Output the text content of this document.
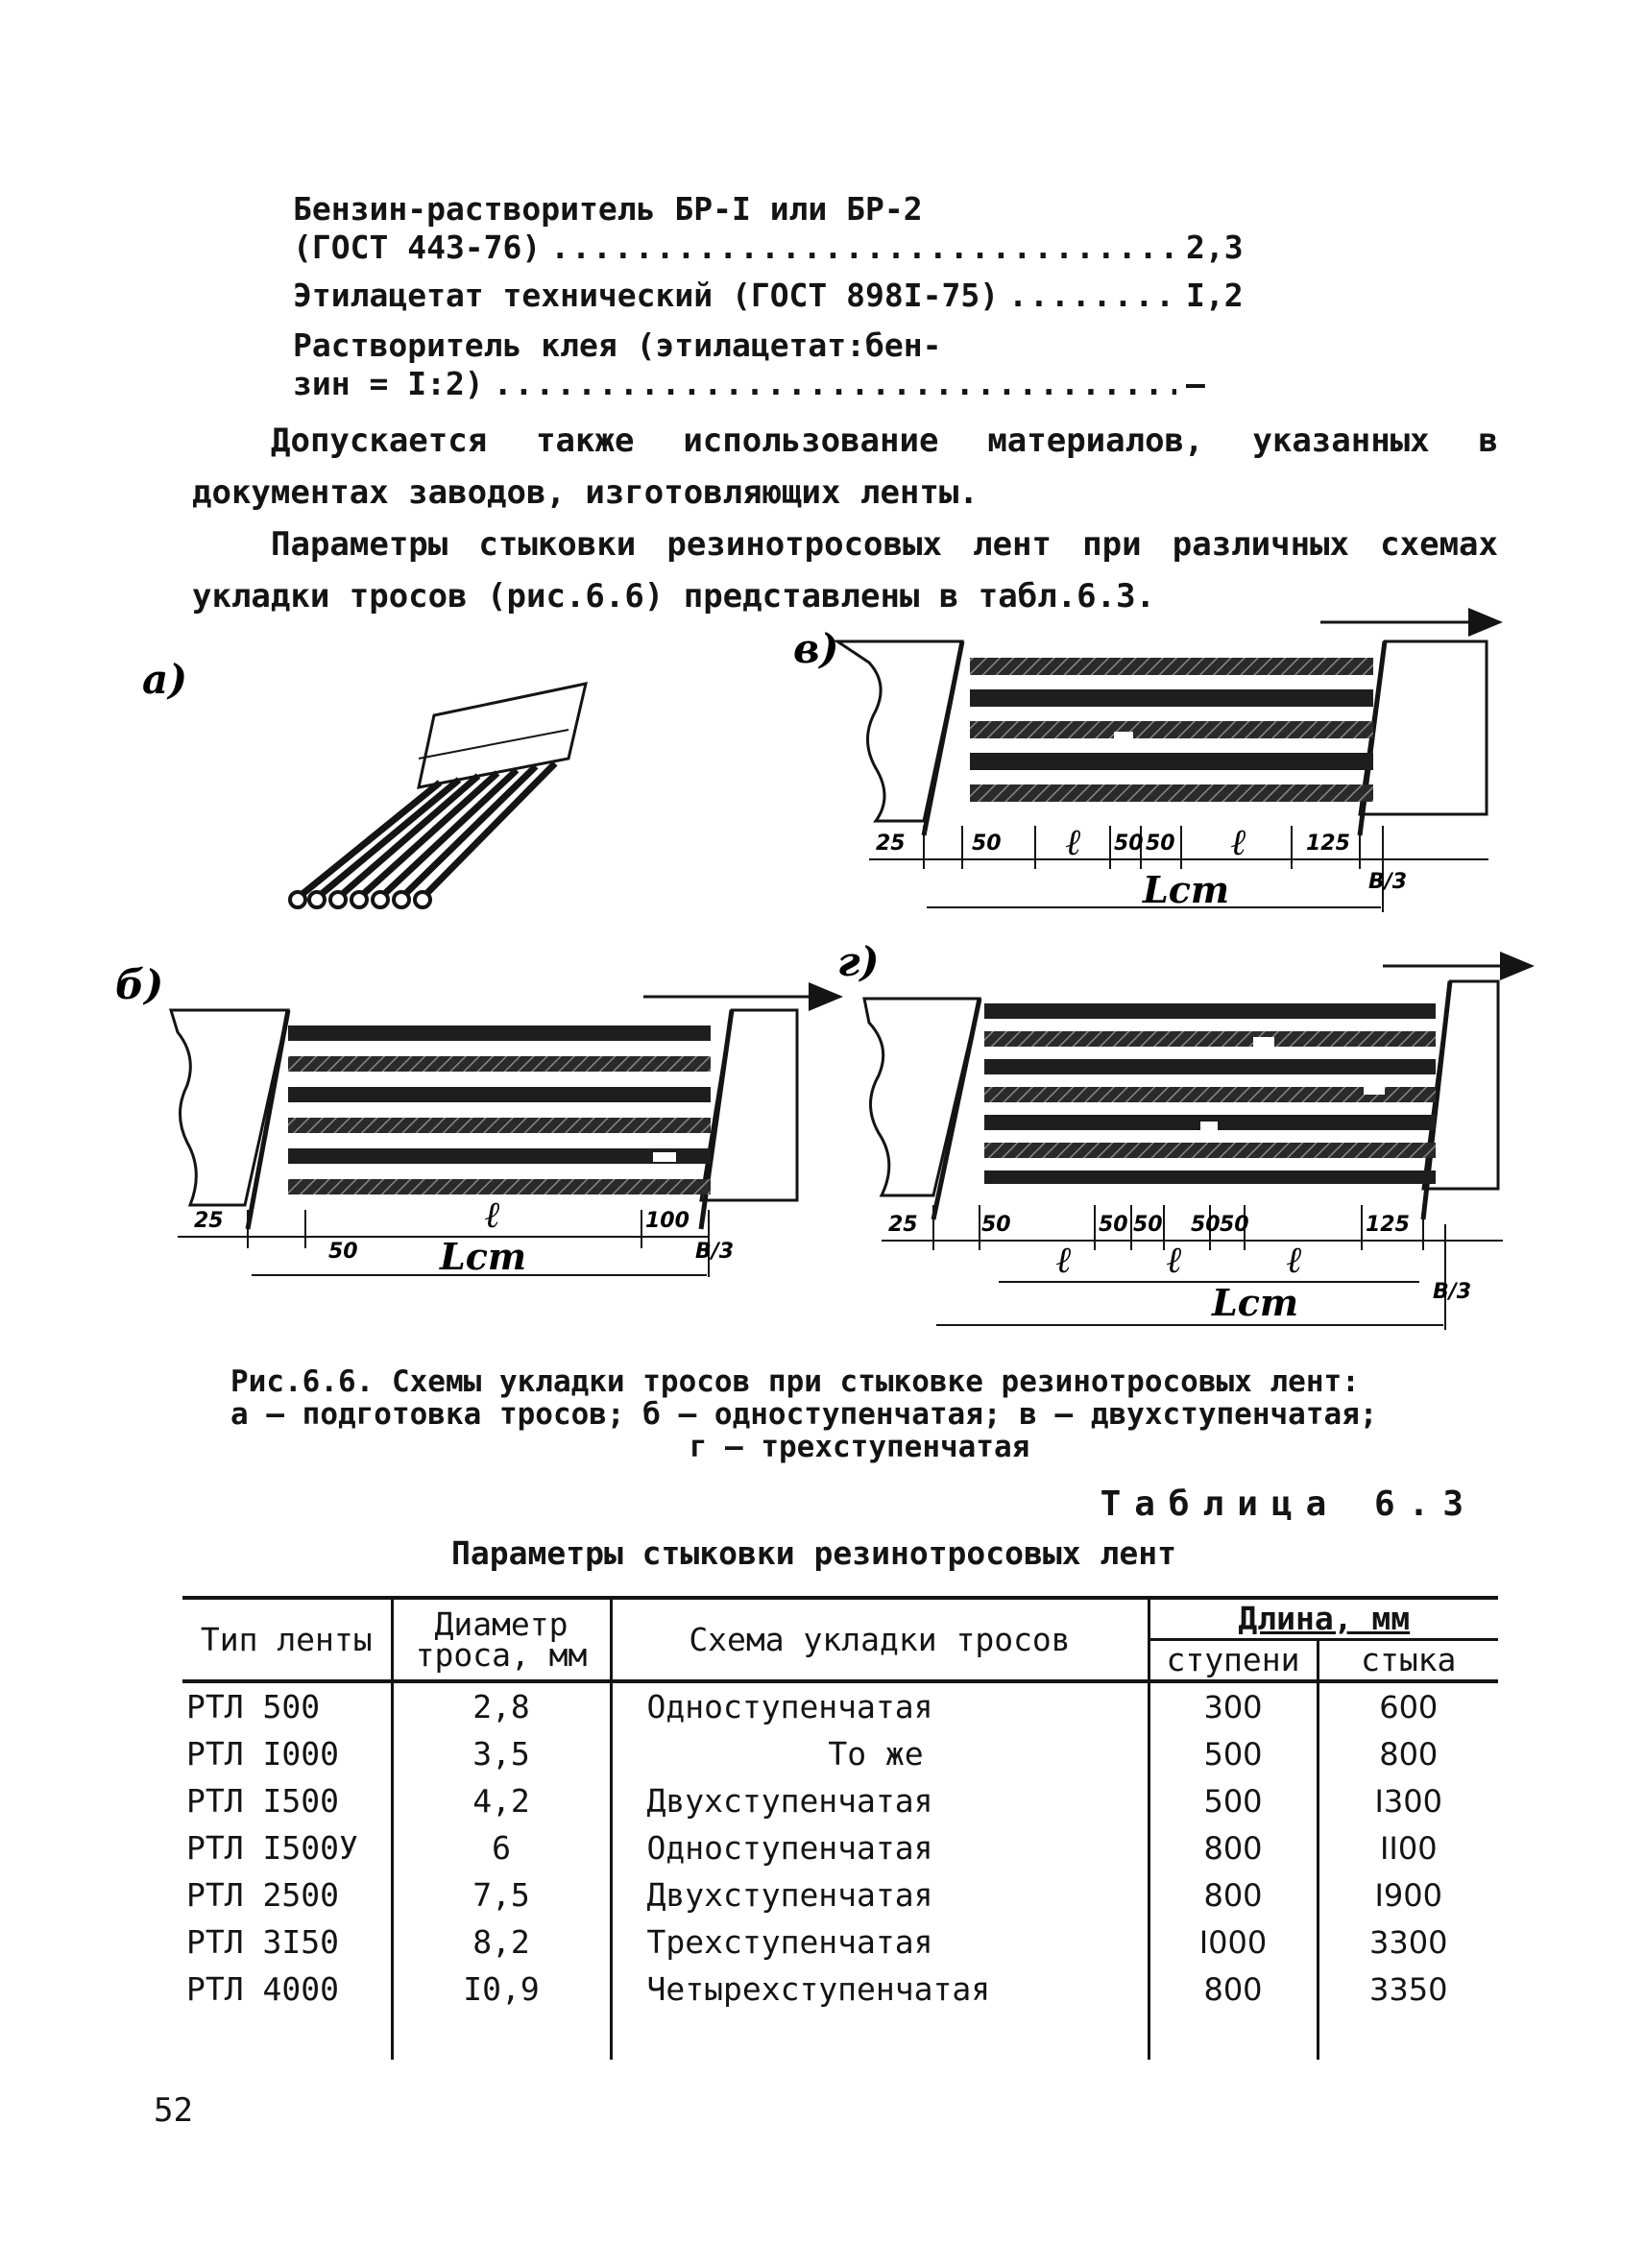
Бензин-растворитель БР-I или БР-2
(ГОСТ 443-76) .....	2,3
Этилацетат технический (ГОСТ 898I-75) .....	I,2
Растворитель клея (этилацетат:бен-
зин = I:2) .....	–
Допускается также использование материалов, указанных в документах заводов, изготовляющих ленты.
Параметры стыковки резинотросовых лент при различных схемах укладки тросов (рис.6.6) представлены в табл.6.3.
а)
в)
25	50 ℓ 50 50 ℓ	125
B/3
Lст
б)
25	ℓ	100
50 Lст	B/3
г)
25	50	50 50 50 50	125
ℓ	ℓ	ℓ
Lст	B/3
Рис.6.6. Схемы укладки тросов при стыковке резинотросовых лент:
а – подготовка тросов; б – одноступенчатая; в – двухступенчатая;
г – трехступенчатая
Таблица 6.3
Параметры стыковки резинотросовых лент
Тип ленты	Диаметр троса, мм	Схема укладки тросов	Длина, мм	
			ступени	стыка
РТЛ 500	2,8	Одноступенчатая	300	600
РТЛ I000	3,5	То же	500	800
РТЛ I500	4,2	Двухступенчатая	500	I300
РТЛ I500У	6	Одноступенчатая	800	II00
РТЛ 2500	7,5	Двухступенчатая	800	I900
РТЛ 3I50	8,2	Трехступенчатая	I000	3300
РТЛ 4000	I0,9	Четырехступенчатая	800	3350

52
